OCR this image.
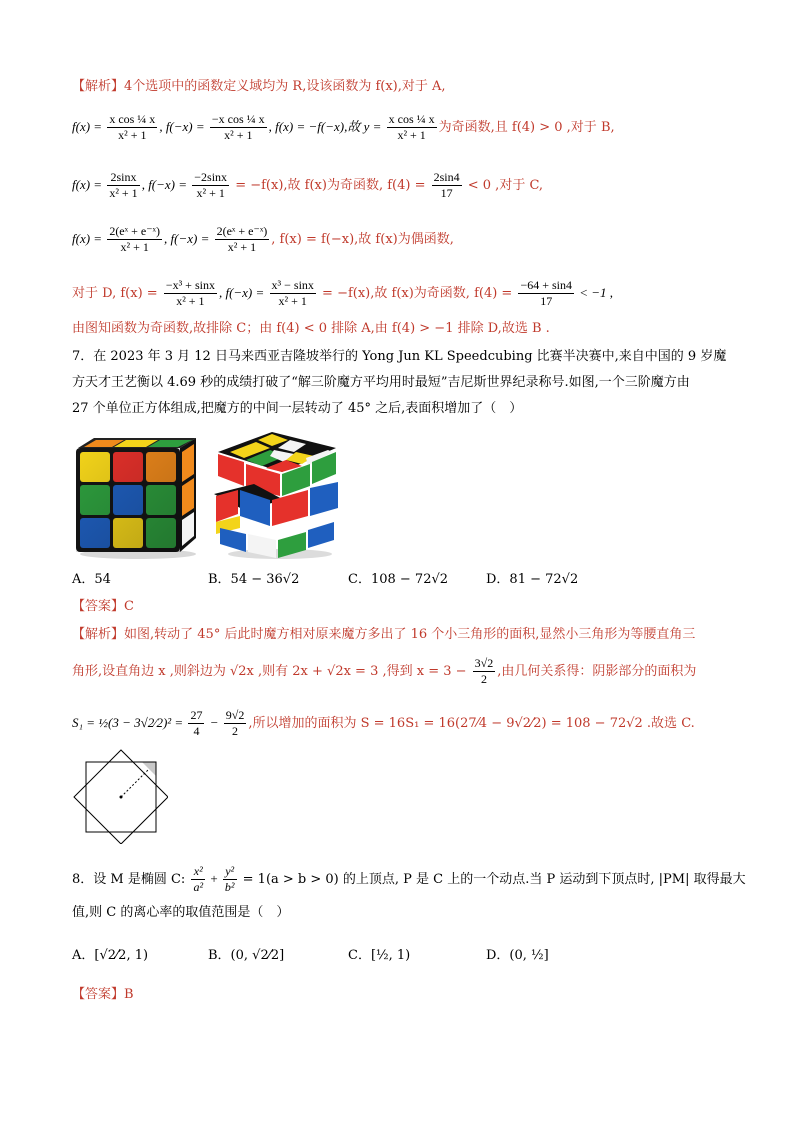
【解析】4个选项中的函数定义域均为 R,设该函数为 f(x),对于 A,
$f(x) = \frac{\text{x cos ¼ x}}{\text{x² + 1}}$ , $f(-x) = \frac{\text{−x cos ¼ x}}{\text{x² + 1}}$ , f(x) = −f(−x),故 $y = \frac{\text{x cos ¼ x}}{\text{x² + 1}}$ 为奇函数,且 f(4) > 0 ,对于 B,
$f(x) = \frac{2\sin x}{\text{x² + 1}}$ , $f(-x) = \frac{-2\sin x}{\text{x² + 1}} = -f(x)$,故 f(x)为奇函数, $f(4) = \frac{2\sin 4}{17} < 0$ ,对于 C,
$f(x) = \frac{\text{2(eˣ + e⁻ˣ)}}{\text{x² + 1}}$ , $f(-x) = \frac{\text{2(eˣ + e⁻ˣ)}}{\text{x² + 1}}$ , f(x) = f(−x),故 f(x)为偶函数,
对于 D, $f(x) = \frac{\text{−x³ + sinx}}{\text{x² + 1}}$ , $f(-x) = \frac{\text{x³ − sinx}}{\text{x² + 1}} = -f(x)$,故 f(x)为奇函数, $f(4) = \frac{-64 + \sin 4}{17} < -1$ ,
由图知函数为奇函数,故排除 C；由 f(4) < 0 排除 A,由 f(4) > −1 排除 D,故选 B .
7．在 2023 年 3 月 12 日马来西亚吉隆坡举行的 Yong Jun KL Speedcubing 比赛半决赛中,来自中国的 9 岁魔
方天才王艺衡以 4.69 秒的成绩打破了“解三阶魔方平均用时最短”吉尼斯世界纪录称号.如图,一个三阶魔方由
27 个单位正方体组成,把魔方的中间一层转动了 45° 之后,表面积增加了（　）
A．54	B．54 − 36√2	C．108 − 72√2	D．81 − 72√2
【答案】C
【解析】如图,转动了 45° 后此时魔方相对原来魔方多出了 16 个小三角形的面积,显然小三角形为等腰直角三
角形,设直角边 x ,则斜边为 √2x ,则有 2x + √2x = 3 ,得到 $x = 3 - \frac{3√2}{2}$ ,由几何关系得：阴影部分的面积为
S₁ = ½(3 − 3√2⁄2)² = $\frac{27}{4} - \frac{9√2}{2}$ ,所以增加的面积为 S = 16S₁ = 16(27⁄4 − 9√2⁄2) = 108 − 72√2 .故选 C.
8．设 M 是椭圆 C: $\frac{\text{x²}}{\text{a²}} + \frac{\text{y²}}{\text{b²}} = 1(a > b > 0)$ 的上顶点, P 是 C 上的一个动点.当 P 运动到下顶点时, |PM| 取得最大
值,则 C 的离心率的取值范围是（　）
A．[√2⁄2, 1)	B．(0, √2⁄2]	C．[½, 1)	D．(0, ½]
【答案】B
